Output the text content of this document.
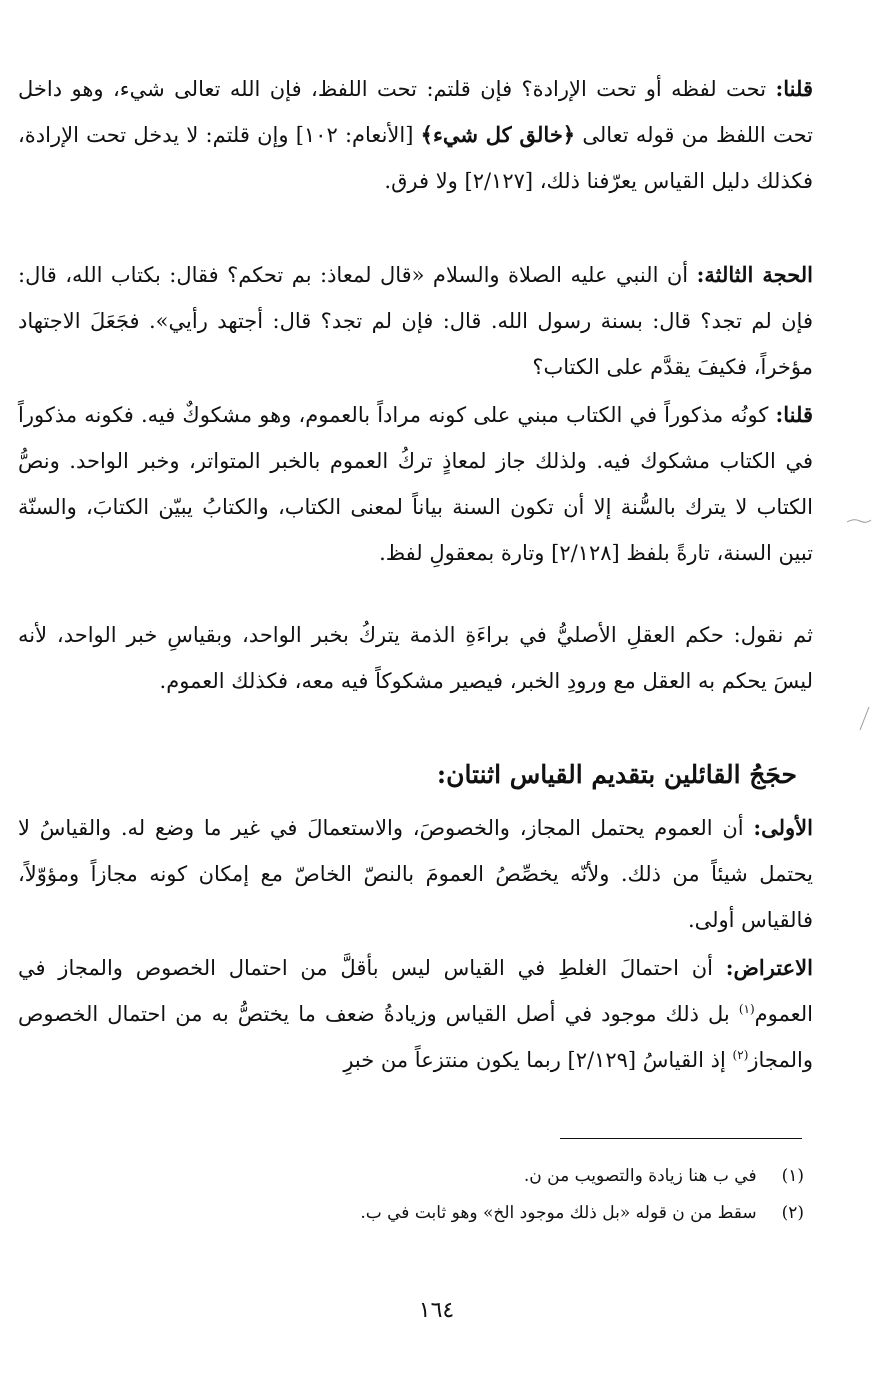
قلنا: تحت لفظه أو تحت الإرادة؟ فإن قلتم: تحت اللفظ، فإن الله تعالى شيء، وهو داخل تحت اللفظ من قوله تعالى ﴿خالق كل شيء﴾ [الأنعام: ١٠٢] وإن قلتم: لا يدخل تحت الإرادة، فكذلك دليل القياس يعرّفنا ذلك، [٢/١٢٧] ولا فرق.

الحجة الثالثة: أن النبي عليه الصلاة والسلام «قال لمعاذ: بم تحكم؟ فقال: بكتاب الله، قال: فإن لم تجد؟ قال: بسنة رسول الله. قال: فإن لم تجد؟ قال: أجتهد رأيي». فجَعَلَ الاجتهاد مؤخراً، فكيفَ يقدَّم على الكتاب؟

قلنا: كونُه مذكوراً في الكتاب مبني على كونه مراداً بالعموم، وهو مشكوكٌ فيه. فكونه مذكوراً في الكتاب مشكوك فيه. ولذلك جاز لمعاذٍ تركُ العموم بالخبر المتواتر، وخبر الواحد. ونصُّ الكتاب لا يترك بالسُّنة إلا أن تكون السنة بياناً لمعنى الكتاب، والكتابُ يبيّن الكتابَ، والسنّة تبين السنة، تارةً بلفظ [٢/١٢٨] وتارة بمعقولِ لفظ.

ثم نقول: حكم العقلِ الأصليُّ في براءَةِ الذمة يتركُ بخبر الواحد، وبقياسِ خبر الواحد، لأنه ليسَ يحكم به العقل مع ورودِ الخبر، فيصير مشكوكاً فيه معه، فكذلك العموم.

حجَجُ القائلين بتقديم القياس اثنتان:

الأولى: أن العموم يحتمل المجاز، والخصوصَ، والاستعمالَ في غير ما وضع له. والقياسُ لا يحتمل شيئاً من ذلك. ولأنّه يخصِّصُ العمومَ بالنصّ الخاصّ مع إمكان كونه مجازاً ومؤوّلاً، فالقياس أولى.

الاعتراض: أن احتمالَ الغلطِ في القياس ليس بأقلَّ من احتمال الخصوص والمجاز في العموم$^{(١)}$ بل ذلك موجود في أصل القياس وزيادةُ ضعف ما يختصُّ به من احتمال الخصوص والمجاز$^{(٢)}$ إذ القياسُ [٢/١٢٩] ربما يكون منتزعاً من خبرِ

(١) في ب هنا زيادة والتصويب من ن.

(٢) سقط من ن قوله «بل ذلك موجود الخ» وهو ثابت في ب.

١٦٤
